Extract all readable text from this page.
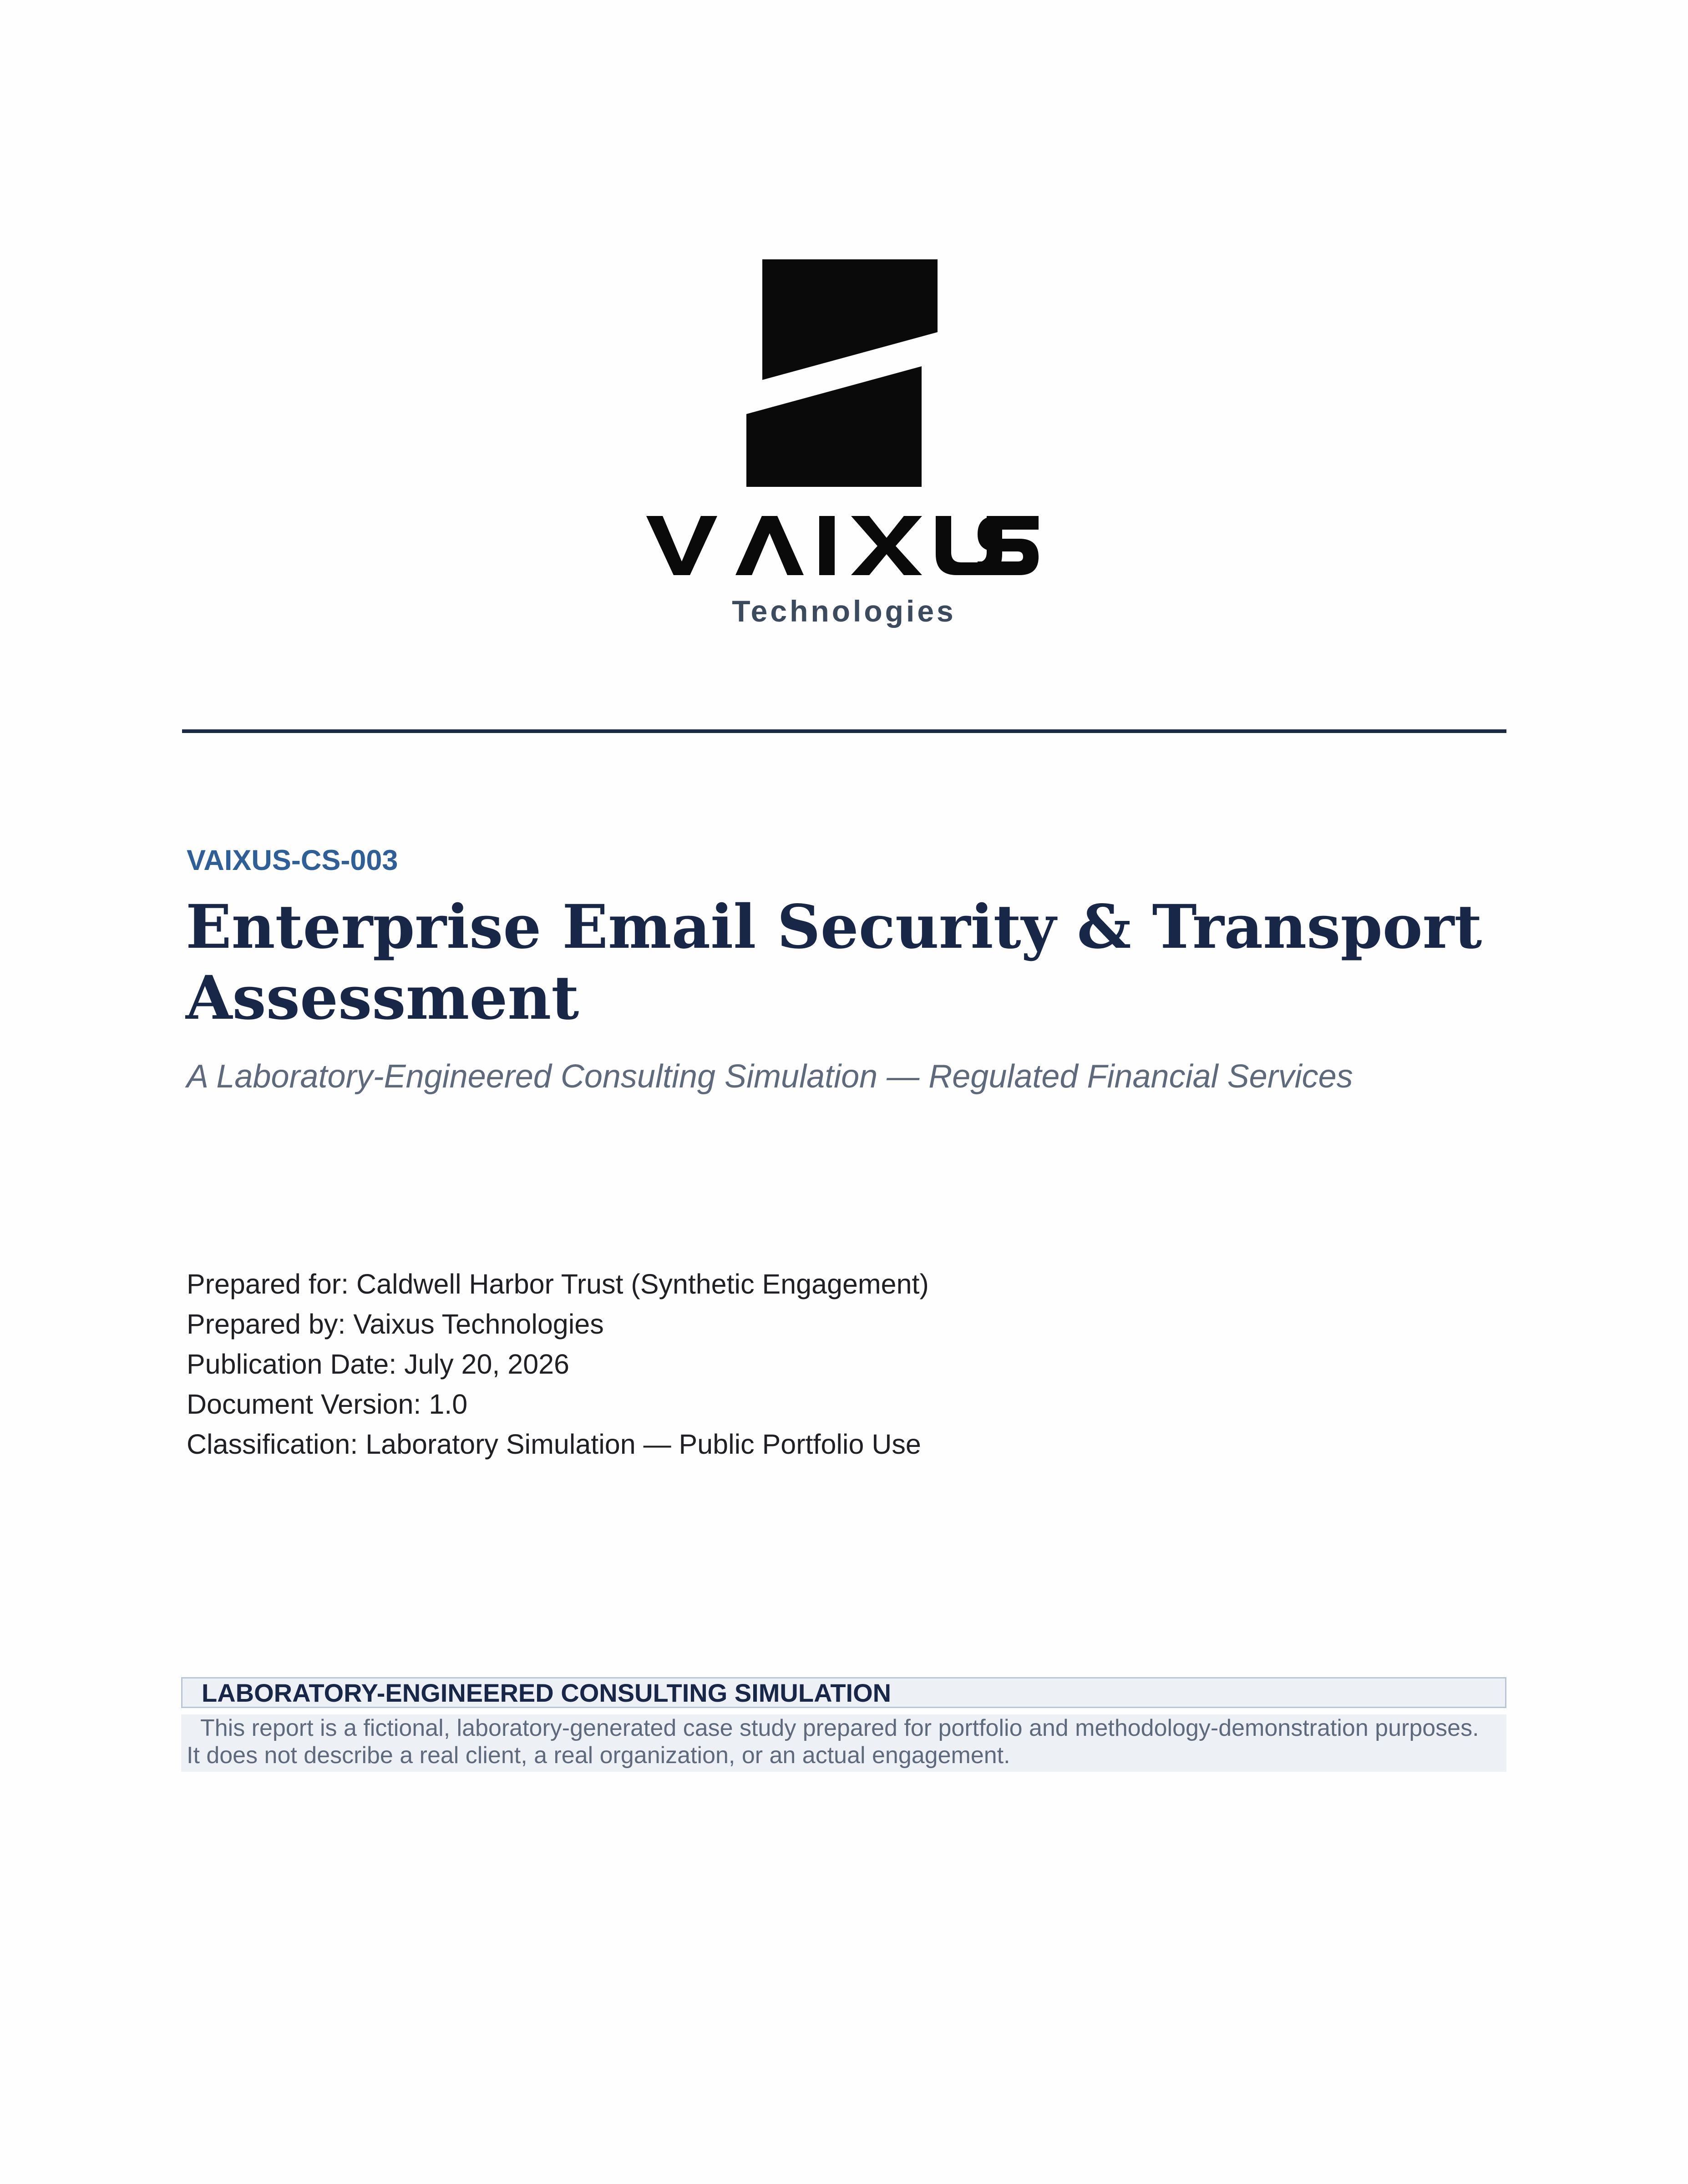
Technologies
VAIXUS-CS-003
Enterprise Email Security & Transport Assessment
A Laboratory-Engineered Consulting Simulation — Regulated Financial Services
Prepared for: Caldwell Harbor Trust (Synthetic Engagement)
Prepared by: Vaixus Technologies
Publication Date: July 20, 2026
Document Version: 1.0
Classification: Laboratory Simulation — Public Portfolio Use
LABORATORY-ENGINEERED CONSULTING SIMULATION
This report is a fictional, laboratory-generated case study prepared for portfolio and methodology-demonstration purposes. It does not describe a real client, a real organization, or an actual engagement.
